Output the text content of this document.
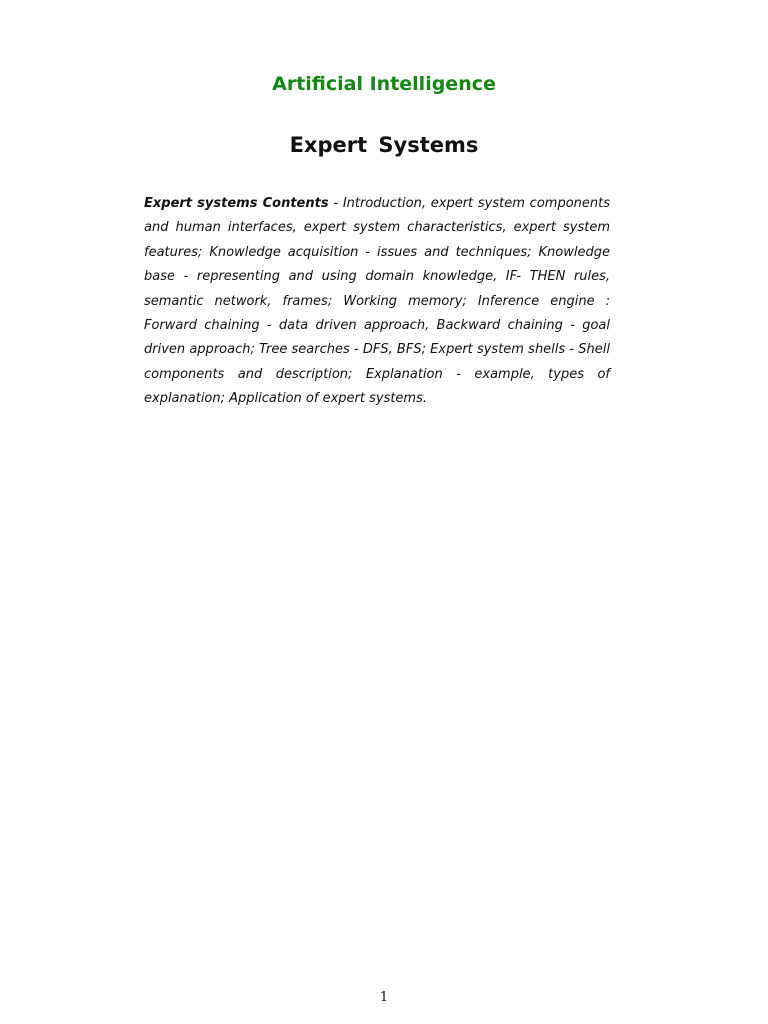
Artificial Intelligence
Expert Systems

Expert systems Contents - Introduction, expert system components and human interfaces, expert system characteristics, expert system features; Knowledge acquisition - issues and techniques; Knowledge base - representing and using domain knowledge, IF- THEN rules, semantic network, frames; Working memory; Inference engine : Forward chaining - data driven approach, Backward chaining - goal driven approach; Tree searches - DFS, BFS; Expert system shells - Shell components and description; Explanation - example, types of explanation; Application of expert systems.

1
